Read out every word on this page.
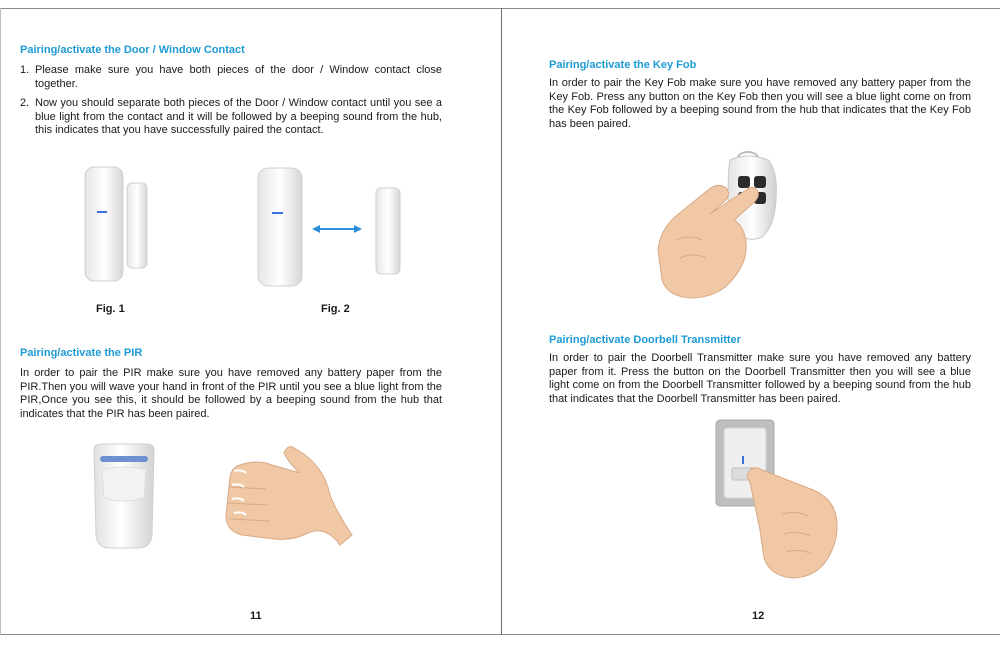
Pairing/activate the Door / Window Contact
1. Please make sure you have both pieces of the door / Window contact close together.
2. Now you should separate both pieces of the Door / Window contact until you see a blue light from the contact and it will be followed by a beeping sound from the hub, this indicates that you have successfully paired the contact.
Fig. 1	Fig. 2
Pairing/activate the PIR

In order to pair the PIR make sure you have removed any battery paper from the PIR.Then you will wave your hand in front of the PIR until you see a blue light from the PIR,Once you see this, it should be followed by a beeping sound from the hub that indicates that the PIR has been paired.

11
Pairing/activate the Key Fob

In order to pair the Key Fob make sure you have removed any battery paper from the Key Fob. Press any button on the Key Fob then you will see a blue light come on from the Key Fob followed by a beeping sound from the hub that indicates that the Key Fob has been paired.

Pairing/activate Doorbell Transmitter

In order to pair the Doorbell Transmitter make sure you have removed any battery paper from it. Press the button on the Doorbell Transmitter then you will see a blue light come on from the Doorbell Transmitter followed by a beeping sound from the hub that indicates that the Doorbell Transmitter has been paired.

12
